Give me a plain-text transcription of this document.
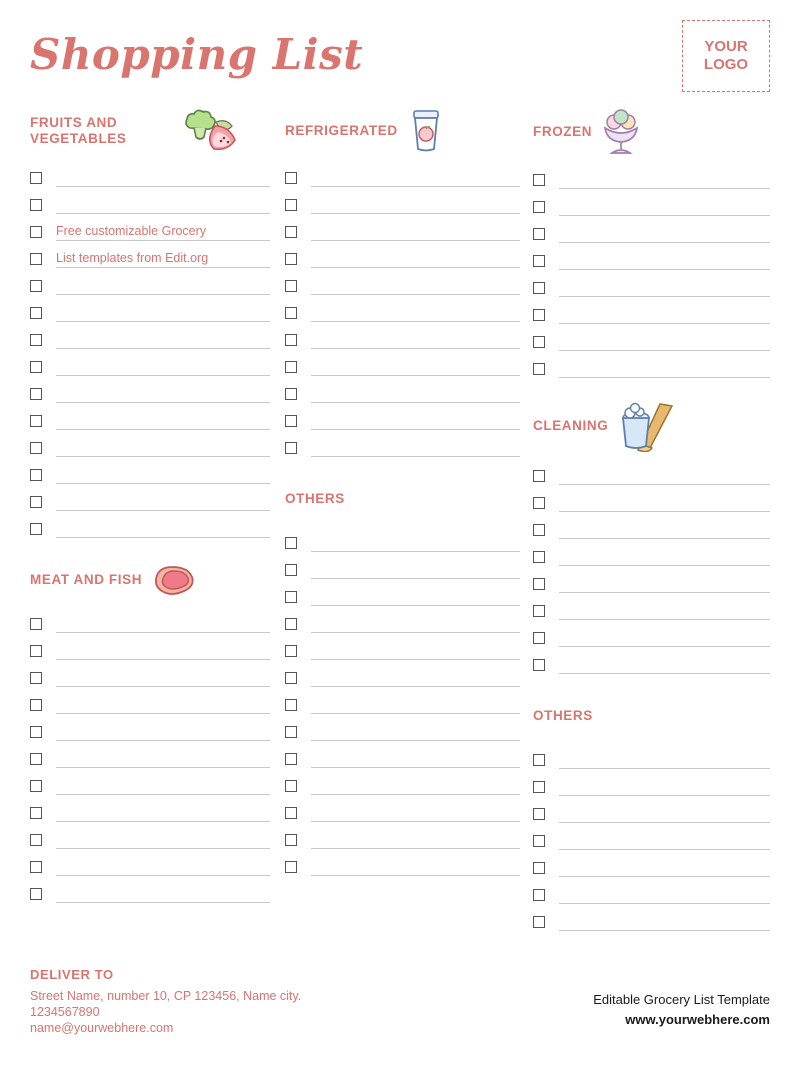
Shopping List	YOUR
LOGO
FRUITS AND VEGETABLES
Free customizable Grocery
List templates from Edit.org
MEAT AND FISH
REFRIGERATED
OTHERS
FROZEN
CLEANING
OTHERS
DELIVER TO
Street Name, number 10, CP 123456, Name city.
1234567890
name@yourwebhere.com
Editable Grocery List Template
www.yourwebhere.com
